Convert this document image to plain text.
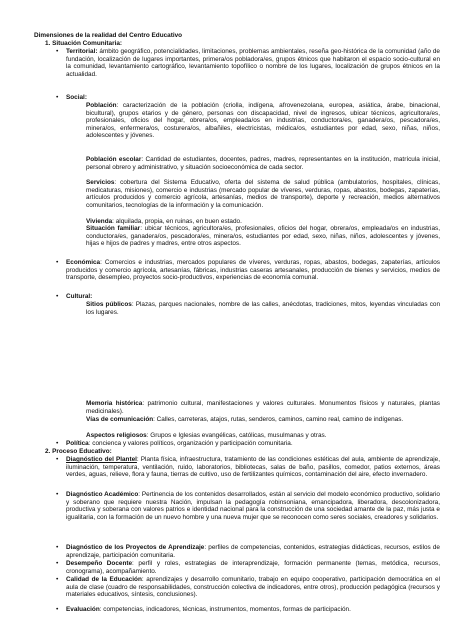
Dimensiones de la realidad del Centro Educativo
1. Situación Comunitaria:
• Territorial: ámbito geográfico, potencialidades, limitaciones, problemas ambientales, reseña geo-histórica de la comunidad (año de fundación, localización de lugares importantes, primera/os pobladora/es, grupos étnicos que habitaron el espacio socio-cultural en la comunidad, levantamiento cartográfico, levantamiento topofílico o nombre de los lugares, localización de grupos étnicos en la actualidad.

• Social:

Población: caracterización de la población (criolla, indígena, afrovenezolana, europea, asiática, árabe, binacional, bicultural), grupos etarios y de género, personas con discapacidad, nivel de ingresos, ubicar técnicos, agricultora/es, profesionales, oficios del hogar, obrera/os, empleada/os en industrias, conductora/es, ganadera/os, pescadora/es, minera/os, enfermera/os, costurera/os, albañiles, electricistas, médica/os, estudiantes por edad, sexo, niñas, niños, adolescentes y jóvenes.

Población escolar: Cantidad de estudiantes, docentes, padres, madres, representantes en la institución, matrícula inicial, personal obrero y administrativo, y situación socioeconómica de cada sector.

Servicios: cobertura del Sistema Educativo, oferta del sistema de salud pública (ambulatorios, hospitales, clínicas, medicaturas, misiones), comercio e industrias (mercado popular de víveres, verduras, ropas, abastos, bodegas, zapaterías, artículos producidos y comercio agrícola, artesanías, medios de transporte), deporte y recreación, medios alternativos comunitarios, tecnologías de la información y la comunicación.

Vivienda: alquilada, propia, en ruinas, en buen estado.

Situación familiar: ubicar técnicos, agricultora/es, profesionales, oficios del hogar, obrera/os, empleada/os en industrias, conductora/es, ganadera/os, pescadora/es, minera/os, estudiantes por edad, sexo, niñas, niños, adolescentes y jóvenes, hijas e hijos de padres y madres, entre otros aspectos.

• Económica: Comercios e industrias, mercados populares de víveres, verduras, ropas, abastos, bodegas, zapaterías, artículos producidos y comercio agrícola, artesanías, fábricas, industrias caseras artesanales, producción de bienes y servicios, medios de transporte, desempleo, proyectos socio-productivos, experiencias de economía comunal.

• Cultural:

Sitios públicos: Plazas, parques nacionales, nombre de las calles, anécdotas, tradiciones, mitos, leyendas vinculadas con los lugares.

Memoria histórica: patrimonio cultural, manifestaciones y valores culturales. Monumentos físicos y naturales, plantas medicinales).

Vías de comunicación: Calles, carreteras, atajos, rutas, senderos, caminos, camino real, camino de indígenas.

Aspectos religiosos: Grupos e Iglesias evangélicas, católicas, musulmanas y otras.

• Política: concienca y valores políticos, organización y participación comunitaria.

2. Proceso Educativo:
• Diagnóstico del Plantel: Planta física, infraestructura, tratamiento de las condiciones estéticas del aula, ambiente de aprendizaje, iluminación, temperatura, ventilación, ruido, laboratorios, bibliotecas, salas de baño, pasillos, comedor, patios externos, áreas verdes, aguas, relieve, flora y fauna, tierras de cultivo, uso de fertilizantes químicos, contaminación del aire, efecto invernadero.

• Diagnóstico Académico: Pertinencia de los contenidos desarrollados, están al servicio del modelo económico productivo, solidario y soberano que requiere nuestra Nación, impulsan la pedagogía robinsoniana, emancipadora, liberadora, descolonizadora, productiva y soberana con valores patrios e identidad nacional para la construcción de una sociedad amante de la paz, más justa e igualitaria, con la formación de un nuevo hombre y una nueva mujer que se reconocen como seres sociales, creadores y solidarios.

• Diagnóstico de los Proyectos de Aprendizaje: perfiles de competencias, contenidos, estrategias didácticas, recursos, estilos de aprendizaje, participación comunitaria.

• Desempeño Docente: perfil y roles, estrategias de interaprendizaje, formación permanente (temas, metódica, recursos, cronograma), acompañamiento.

• Calidad de la Educación: aprendizajes y desarrollo comunitario, trabajo en equipo cooperativo, participación democrática en el aula de clase (cuadro de responsabilidades, construcción colectiva de indicadores, entre otros), producción pedagógica (recursos y materiales educativos, síntesis, conclusiones).

• Evaluación: competencias, indicadores, técnicas, instrumentos, momentos, formas de participación.
